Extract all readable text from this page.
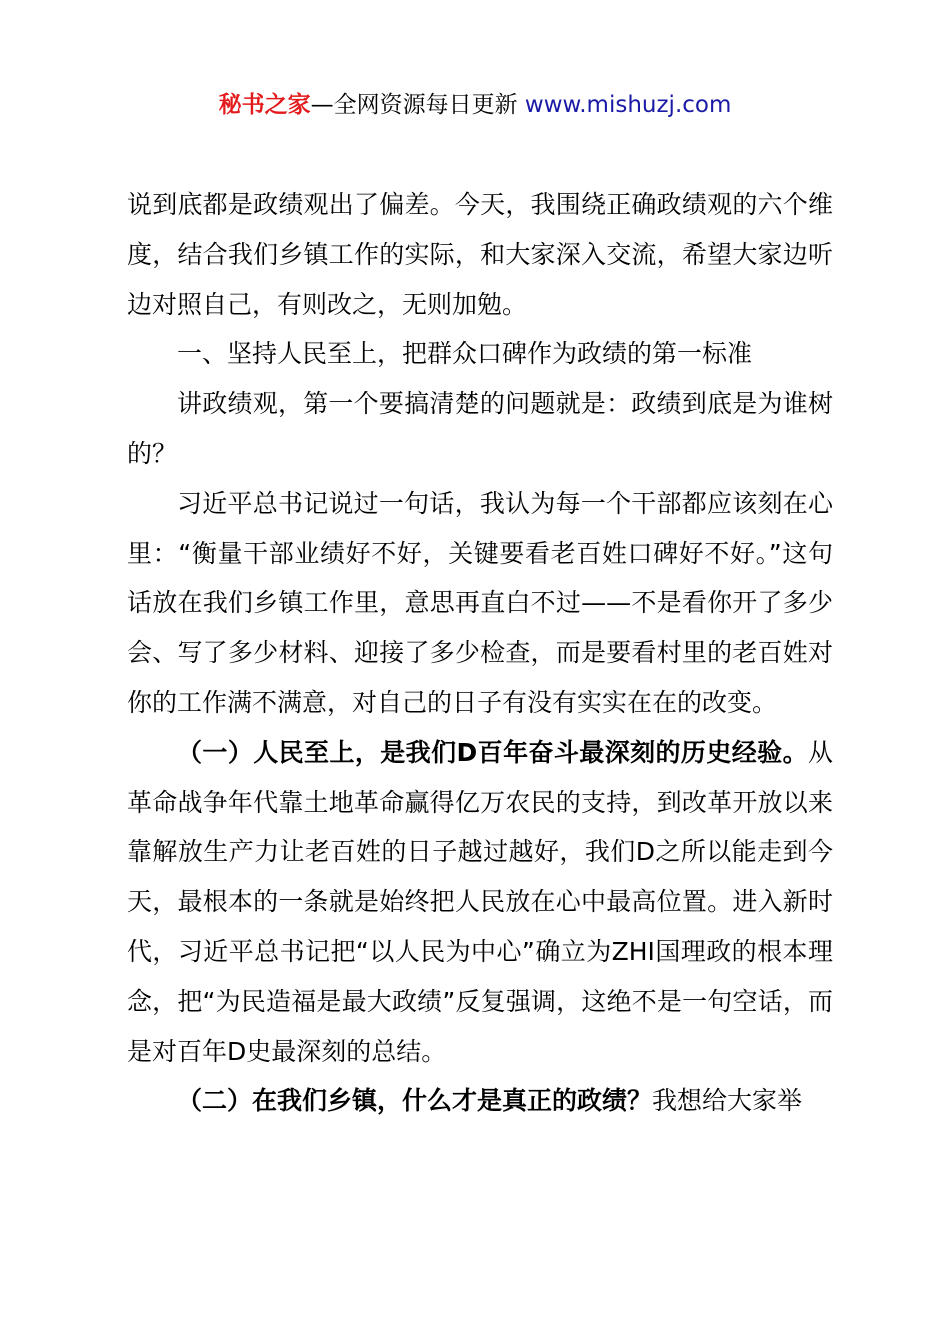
秘书之家—全网资源每日更新 www.mishuzj.com

说到底都是政绩观出了偏差。今天，我围绕正确政绩观的六个维度，结合我们乡镇工作的实际，和大家深入交流，希望大家边听边对照自己，有则改之，无则加勉。

一、坚持人民至上，把群众口碑作为政绩的第一标准

讲政绩观，第一个要搞清楚的问题就是：政绩到底是为谁树的？

习近平总书记说过一句话，我认为每一个干部都应该刻在心里：“衡量干部业绩好不好，关键要看老百姓口碑好不好。”这句话放在我们乡镇工作里，意思再直白不过——不是看你开了多少会、写了多少材料、迎接了多少检查，而是要看村里的老百姓对你的工作满不满意，对自己的日子有没有实实在在的改变。

（一）人民至上，是我们D百年奋斗最深刻的历史经验。从革命战争年代靠土地革命赢得亿万农民的支持，到改革开放以来靠解放生产力让老百姓的日子越过越好，我们D之所以能走到今天，最根本的一条就是始终把人民放在心中最高位置。进入新时代，习近平总书记把“以人民为中心”确立为ZHI国理政的根本理念，把“为民造福是最大政绩”反复强调，这绝不是一句空话，而是对百年D史最深刻的总结。

（二）在我们乡镇，什么才是真正的政绩？我想给大家举
